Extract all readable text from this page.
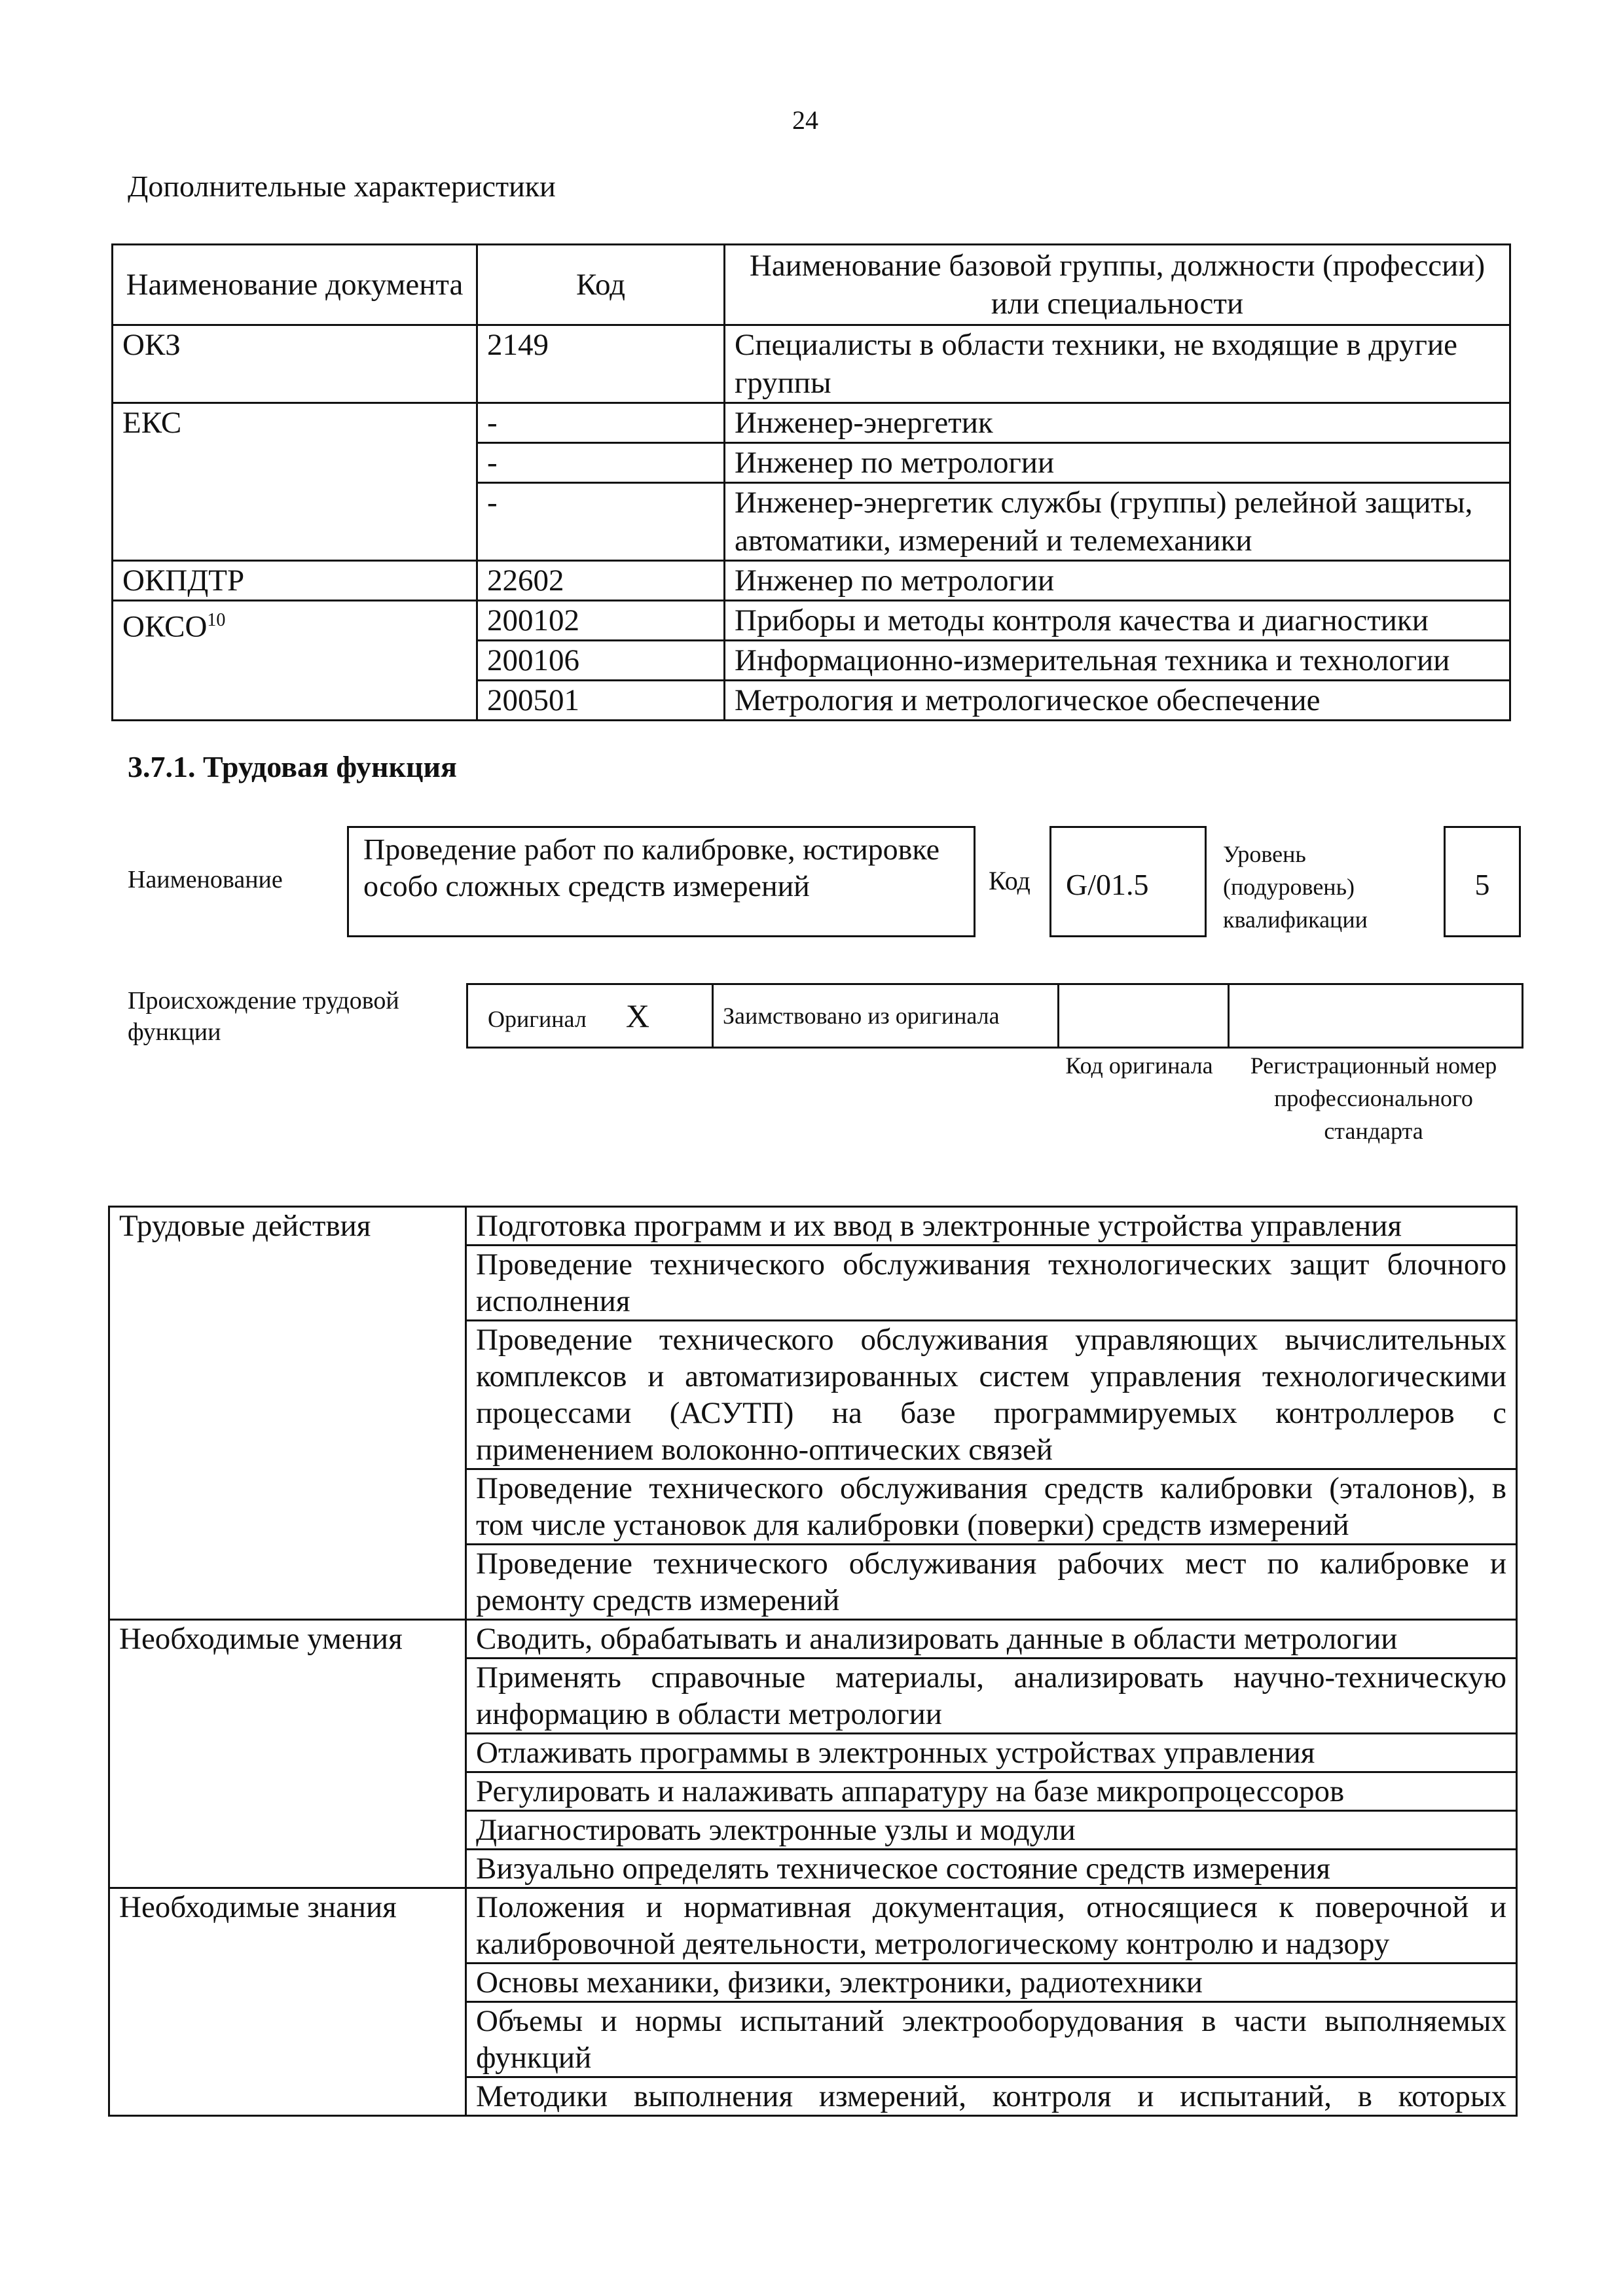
24
Дополнительные характеристики
Наименование документа	Код	Наименование базовой группы, должности (профессии) или специальности
ОКЗ	2149	Специалисты в области техники, не входящие в другие группы
ЕКС	-	Инженер-энергетик
	-	Инженер по метрологии
	-	Инженер-энергетик службы (группы) релейной защиты, автоматики, измерений и телемеханики
ОКПДТР	22602	Инженер по метрологии
ОКСО$^{10}$	200102	Приборы и методы контроля качества и диагностики
	200106	Информационно-измерительная техника и технологии
	200501	Метрология и метрологическое обеспечение
3.7.1. Трудовая функция
Наименование
Проведение работ по калибровке, юстировке особо сложных средств измерений	Код	G/01.5
Уровень (подуровень) квалификации
5
Происхождение трудовой функции	Оригинал X	Заимствовано из оригинала		
Код оригинала	Регистрационный номер профессионального стандарта
Трудовые действия	Подготовка программ и их ввод в электронные устройства управления
	Проведение технического обслуживания технологических защит блочного исполнения
	Проведение технического обслуживания управляющих вычислительных комплексов и автоматизированных систем управления технологическими процессами (АСУТП) на базе программируемых контроллеров с применением волоконно-оптических связей
	Проведение технического обслуживания средств калибровки (эталонов), в том числе установок для калибровки (поверки) средств измерений
	Проведение технического обслуживания рабочих мест по калибровке и ремонту средств измерений
Необходимые умения	Сводить, обрабатывать и анализировать данные в области метрологии
	Применять справочные материалы, анализировать научно-техническую информацию в области метрологии
	Отлаживать программы в электронных устройствах управления
	Регулировать и налаживать аппаратуру на базе микропроцессоров
	Диагностировать электронные узлы и модули
	Визуально определять техническое состояние средств измерения
Необходимые знания	Положения и нормативная документация, относящиеся к поверочной и калибровочной деятельности, метрологическому контролю и надзору
	Основы механики, физики, электроники, радиотехники
	Объемы и нормы испытаний электрооборудования в части выполняемых функций
	Методики выполнения измерений, контроля и испытаний, в которых
